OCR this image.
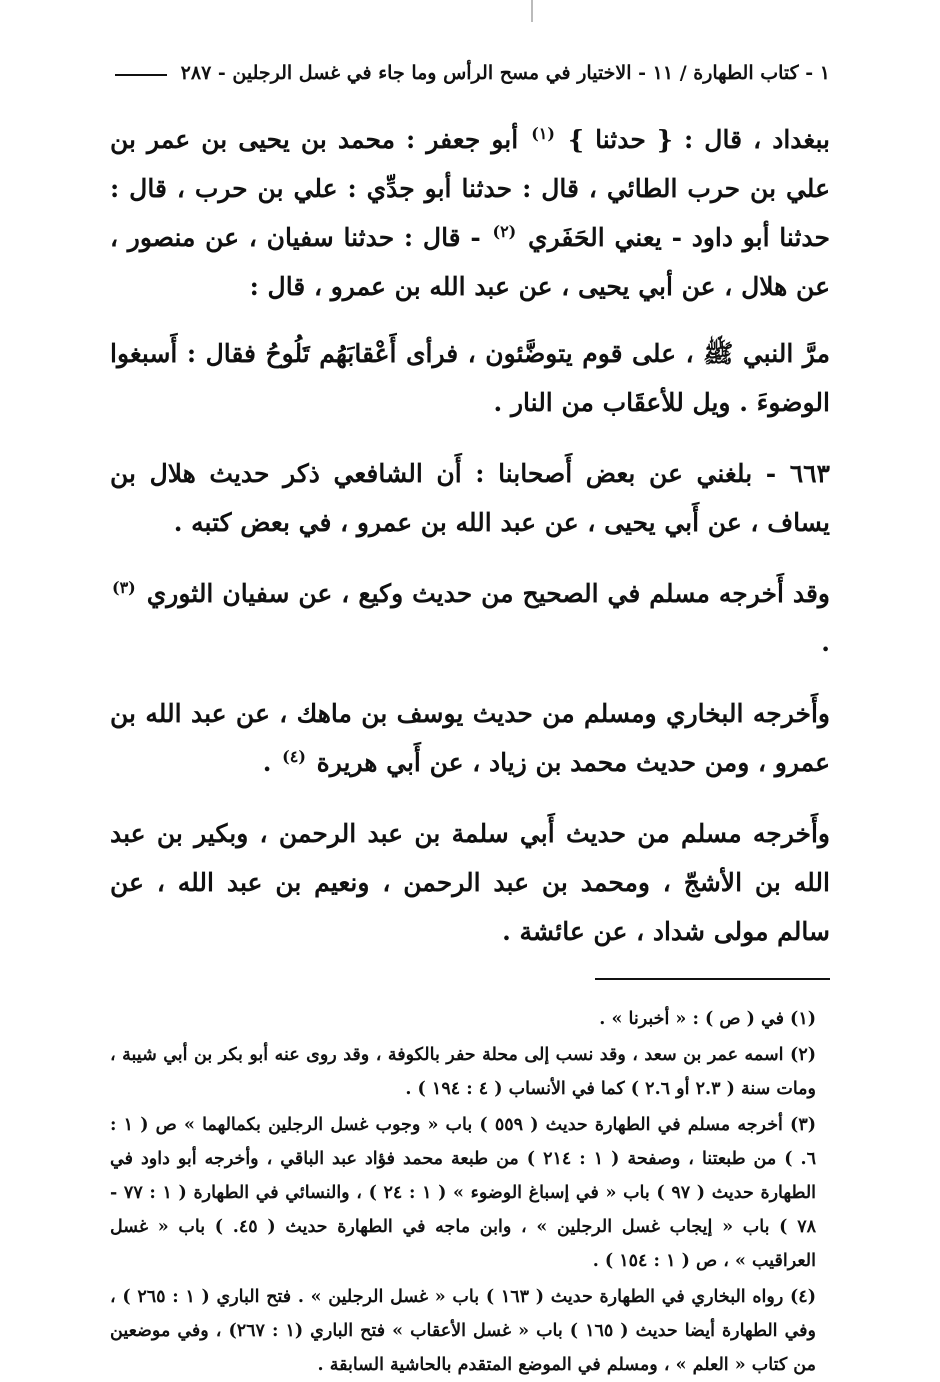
١ - كتاب الطهارة / ١١ - الاختيار في مسح الرأس وما جاء في غسل الرجلين - ٢٨٧

ببغداد ، قال : { حدثنا } $^{(١)}$ أبو جعفر : محمد بن يحيى بن عمر بن علي بن حرب الطائي ، قال : حدثنا أبو جدِّي : علي بن حرب ، قال : حدثنا أبو داود - يعني الحَفَري $^{(٢)}$ - قال : حدثنا سفيان ، عن منصور ، عن هلال ، عن أبي يحيى ، عن عبد الله بن عمرو ، قال :

مرَّ النبي ﷺ ، على قوم يتوضَّئون ، فرأى أَعْقابَهُم تَلُوحُ فقال : أَسبغوا الوضوءَ . ويل للأعقَاب من النار .

٦٦٣ - بلغني عن بعض أَصحابنا : أَن الشافعي ذكر حديث هلال بن يساف ، عن أَبي يحيى ، عن عبد الله بن عمرو ، في بعض كتبه .

وقد أَخرجه مسلم في الصحيح من حديث وكيع ، عن سفيان الثوري $^{(٣)}$ .

وأَخرجه البخاري ومسلم من حديث يوسف بن ماهك ، عن عبد الله بن عمرو ، ومن حديث محمد بن زياد ، عن أَبي هريرة $^{(٤)}$ .

وأَخرجه مسلم من حديث أَبي سلمة بن عبد الرحمن ، وبكير بن عبد الله بن الأشجّ ، ومحمد بن عبد الرحمن ، ونعيم بن عبد الله ، عن سالم مولى شداد ، عن عائشة .

(١) في ( ص ) : « أخبرنا » .

(٢) اسمه عمر بن سعد ، وقد نسب إلى محلة حفر بالكوفة ، وقد روى عنه أبو بكر بن أبي شيبة ، ومات سنة ( ٢.٣ أو ٢.٦ ) كما في الأنساب ( ٤ : ١٩٤ ) .

(٣) أخرجه مسلم في الطهارة حديث ( ٥٥٩ ) باب « وجوب غسل الرجلين بكمالهما » ص ( ١ : ٦. ) من طبعتنا ، وصفحة ( ١ : ٢١٤ ) من طبعة محمد فؤاد عبد الباقي ، وأخرجه أبو داود في الطهارة حديث ( ٩٧ ) باب « في إسباغ الوضوء » ( ١ : ٢٤ ) ، والنسائي في الطهارة ( ١ : ٧٧ - ٧٨ ) باب « إيجاب غسل الرجلين » ، وابن ماجه في الطهارة حديث ( ٤٥. ) باب « غسل العراقيب » ، ص ( ١ : ١٥٤ ) .

(٤) رواه البخاري في الطهارة حديث ( ١٦٣ ) باب « غسل الرجلين » . فتح الباري ( ١ : ٢٦٥ ) ، وفي الطهارة أيضا حديث ( ١٦٥ ) باب « غسل الأعقاب » فتح الباري (١ : ٢٦٧) ، وفي موضعين من كتاب « العلم » ، ومسلم في الموضع المتقدم بالحاشية السابقة .
